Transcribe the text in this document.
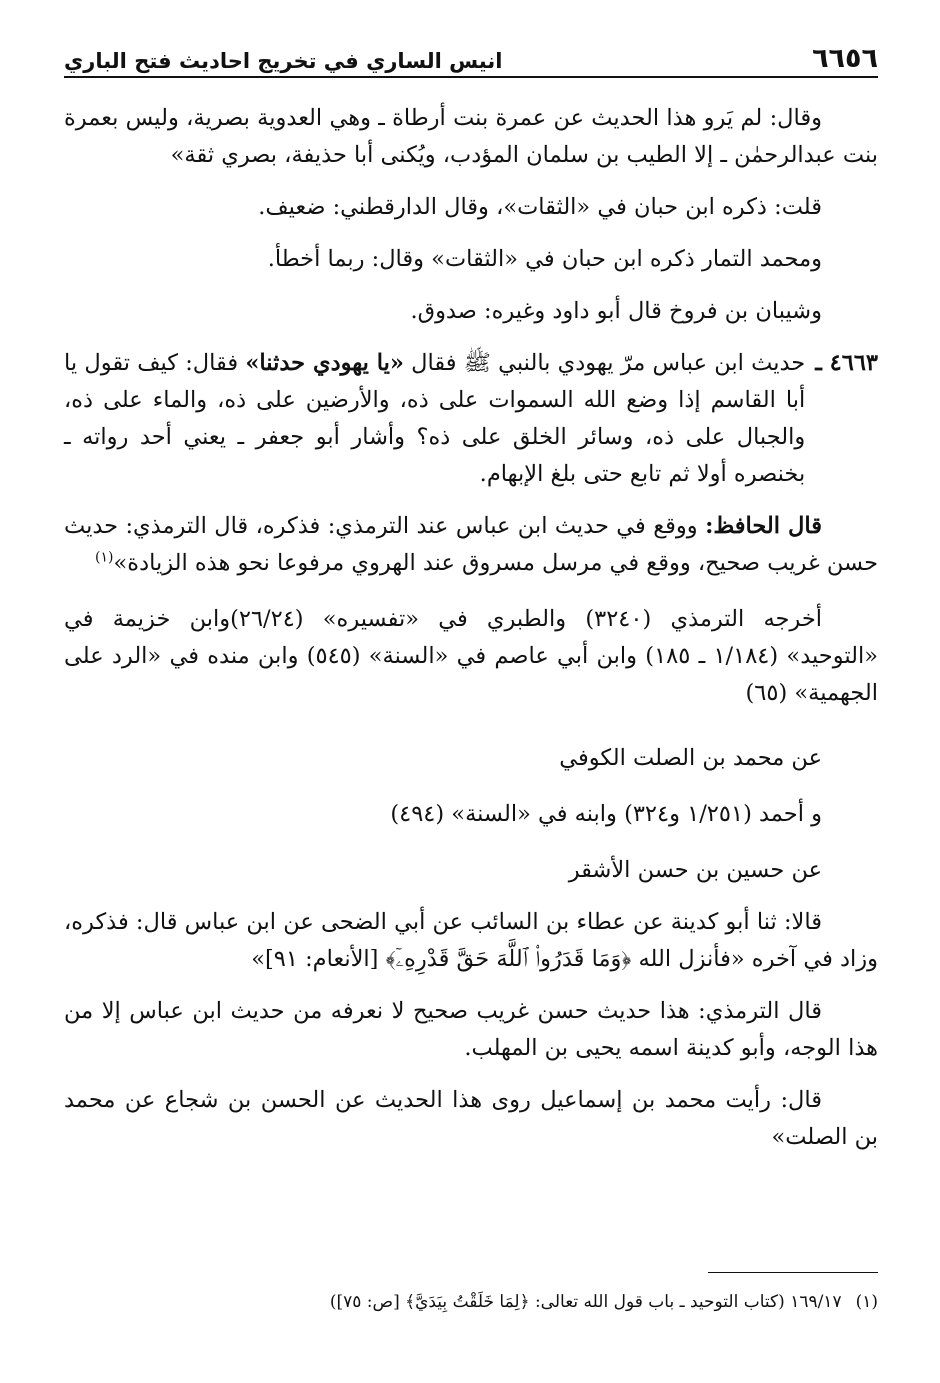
٦٦٥٦
انيس الساري في تخريج احاديث فتح الباري

وقال: لم يَرو هذا الحديث عن عمرة بنت أرطاة ـ وهي العدوية بصرية، وليس بعمرة بنت عبدالرحمٰن ـ إلا الطيب بن سلمان المؤدب، ويُكنى أبا حذيفة، بصري ثقة»

قلت: ذكره ابن حبان في «الثقات»، وقال الدارقطني: ضعيف.

ومحمد التمار ذكره ابن حبان في «الثقات» وقال: ربما أخطأ.

وشيبان بن فروخ قال أبو داود وغيره: صدوق.

٤٦٦٣ ـ

حديث ابن عباس مرّ يهودي بالنبي ﷺ فقال «يا يهودي حدثنا» فقال: كيف تقول يا أبا القاسم إذا وضع الله السموات على ذه، والأرضين على ذه، والماء على ذه، والجبال على ذه، وسائر الخلق على ذه؟ وأشار أبو جعفر ـ يعني أحد رواته ـ بخنصره أولا ثم تابع حتى بلغ الإبهام.

قال الحافظ: ووقع في حديث ابن عباس عند الترمذي: فذكره، قال الترمذي: حديث حسن غريب صحيح، ووقع في مرسل مسروق عند الهروي مرفوعا نحو هذه الزيادة»$^{(١)}$

أخرجه الترمذي (٣٢٤٠) والطبري في «تفسيره» (٢٦/٢٤)وابن خزيمة في «التوحيد» (١/١٨٤ ـ ١٨٥) وابن أبي عاصم في «السنة» (٥٤٥) وابن منده في «الرد على الجهمية» (٦٥)

عن محمد بن الصلت الكوفي

و أحمد (١/٢٥١ و٣٢٤) وابنه في «السنة» (٤٩٤)

عن حسين بن حسن الأشقر

قالا: ثنا أبو كدينة عن عطاء بن السائب عن أبي الضحى عن ابن عباس قال: فذكره، وزاد في آخره «فأنزل الله ﴿وَمَا قَدَرُوا۟ ٱللَّهَ حَقَّ قَدْرِهِۦٓ﴾ [الأنعام: ٩١]»

قال الترمذي: هذا حديث حسن غريب صحيح لا نعرفه من حديث ابن عباس إلا من هذا الوجه، وأبو كدينة اسمه يحيى بن المهلب.

قال: رأيت محمد بن إسماعيل روى هذا الحديث عن الحسن بن شجاع عن محمد بن الصلت»

(١)١٦٩/١٧ (كتاب التوحيد ـ باب قول الله تعالى: ﴿لِمَا خَلَقْتُ بِيَدَيَّ﴾ [ص: ٧٥])
